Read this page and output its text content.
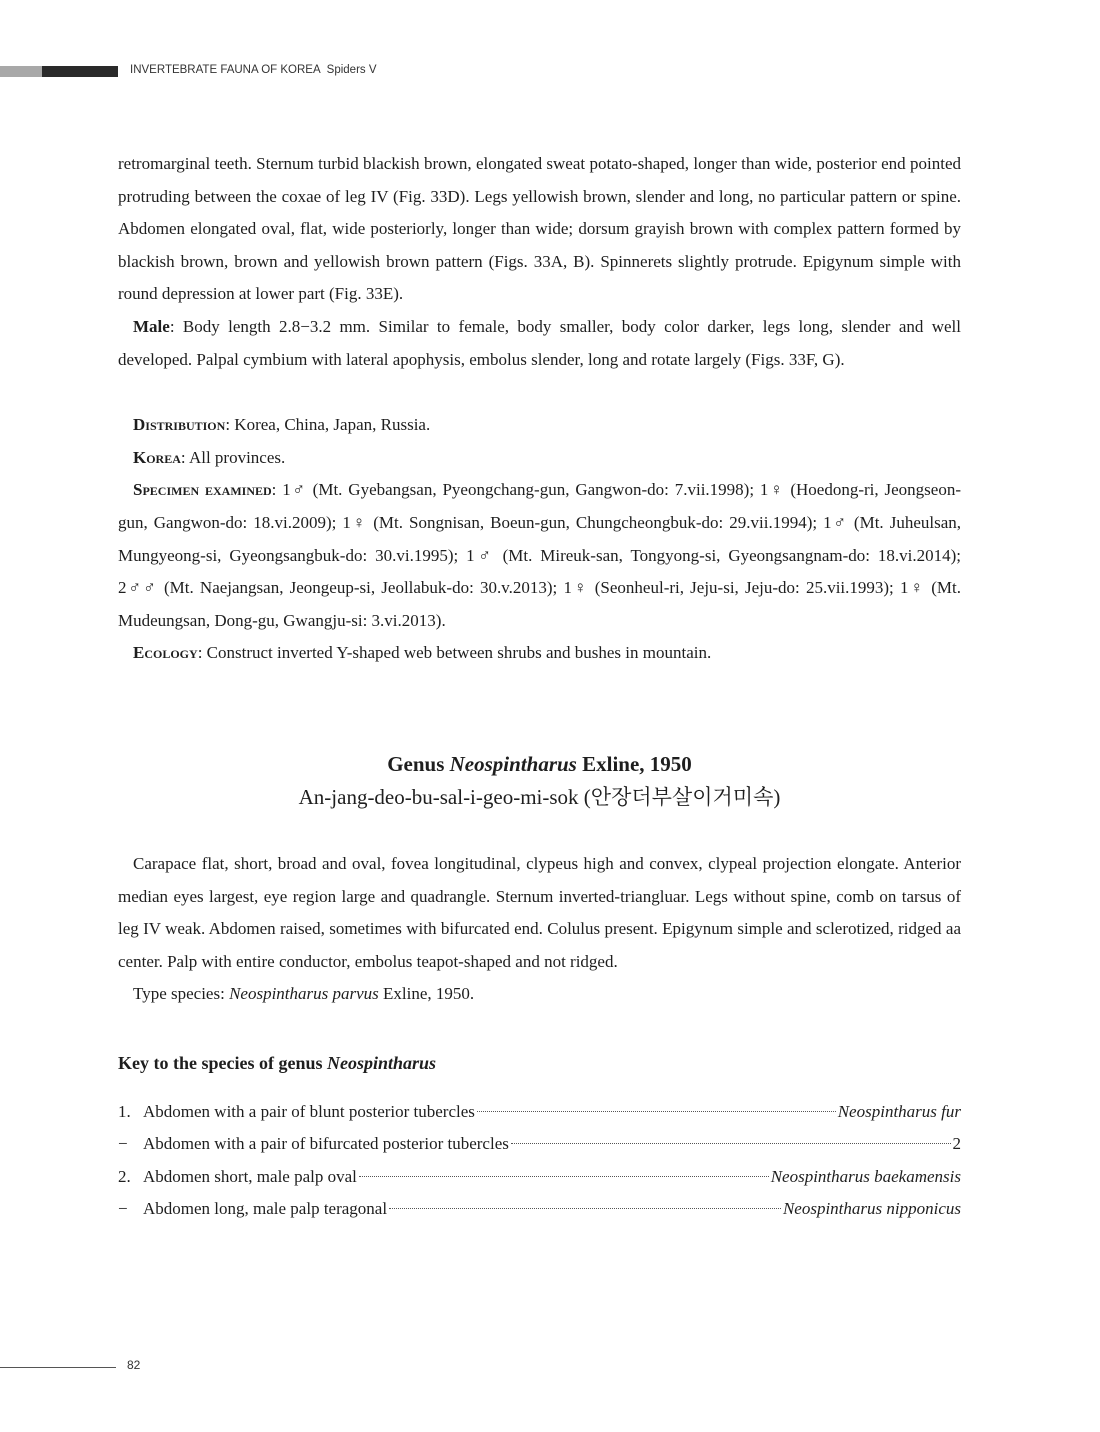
INVERTEBRATE FAUNA OF KOREA Spiders V

retromarginal teeth. Sternum turbid blackish brown, elongated sweat potato-shaped, longer than wide, posterior end pointed protruding between the coxae of leg IV (Fig. 33D). Legs yellowish brown, slender and long, no particular pattern or spine. Abdomen elongated oval, flat, wide posteriorly, longer than wide; dorsum grayish brown with complex pattern formed by blackish brown, brown and yellowish brown pattern (Figs. 33A, B). Spinnerets slightly protrude. Epigynum simple with round depression at lower part (Fig. 33E).

Male: Body length 2.8−3.2 mm. Similar to female, body smaller, body color darker, legs long, slender and well developed. Palpal cymbium with lateral apophysis, embolus slender, long and rotate largely (Figs. 33F, G).

Distribution: Korea, China, Japan, Russia.

Korea: All provinces.

Specimen examined: 1♂ (Mt. Gyebangsan, Pyeongchang-gun, Gangwon-do: 7.vii.1998); 1♀ (Hoedong-ri, Jeongseon-gun, Gangwon-do: 18.vi.2009); 1♀ (Mt. Songnisan, Boeun-gun, Chungcheongbuk-do: 29.vii.1994); 1♂ (Mt. Juheulsan, Mungyeong-si, Gyeongsangbuk-do: 30.vi.1995); 1♂ (Mt. Mireuk-san, Tongyong-si, Gyeongsangnam-do: 18.vi.2014); 2♂♂ (Mt. Naejangsan, Jeongeup-si, Jeollabuk-do: 30.v.2013); 1♀ (Seonheul-ri, Jeju-si, Jeju-do: 25.vii.1993); 1♀ (Mt. Mudeungsan, Dong-gu, Gwangju-si: 3.vi.2013).

Ecology: Construct inverted Y-shaped web between shrubs and bushes in mountain.

Genus Neospintharus Exline, 1950
An-jang-deo-bu-sal-i-geo-mi-sok (안장더부살이거미속)

Carapace flat, short, broad and oval, fovea longitudinal, clypeus high and convex, clypeal projection elongate. Anterior median eyes largest, eye region large and quadrangle. Sternum inverted-triangluar. Legs without spine, comb on tarsus of leg IV weak. Abdomen raised, sometimes with bifurcated end. Colulus present. Epigynum simple and sclerotized, ridged aa center. Palp with entire conductor, embolus teapot-shaped and not ridged.

Type species: Neospintharus parvus Exline, 1950.

Key to the species of genus Neospintharus
1. Abdomen with a pair of blunt posterior tubercles	Neospintharus fur
− Abdomen with a pair of bifurcated posterior tubercles	2
2. Abdomen short, male palp oval	Neospintharus baekamensis
− Abdomen long, male palp teragonal	Neospintharus nipponicus
82
